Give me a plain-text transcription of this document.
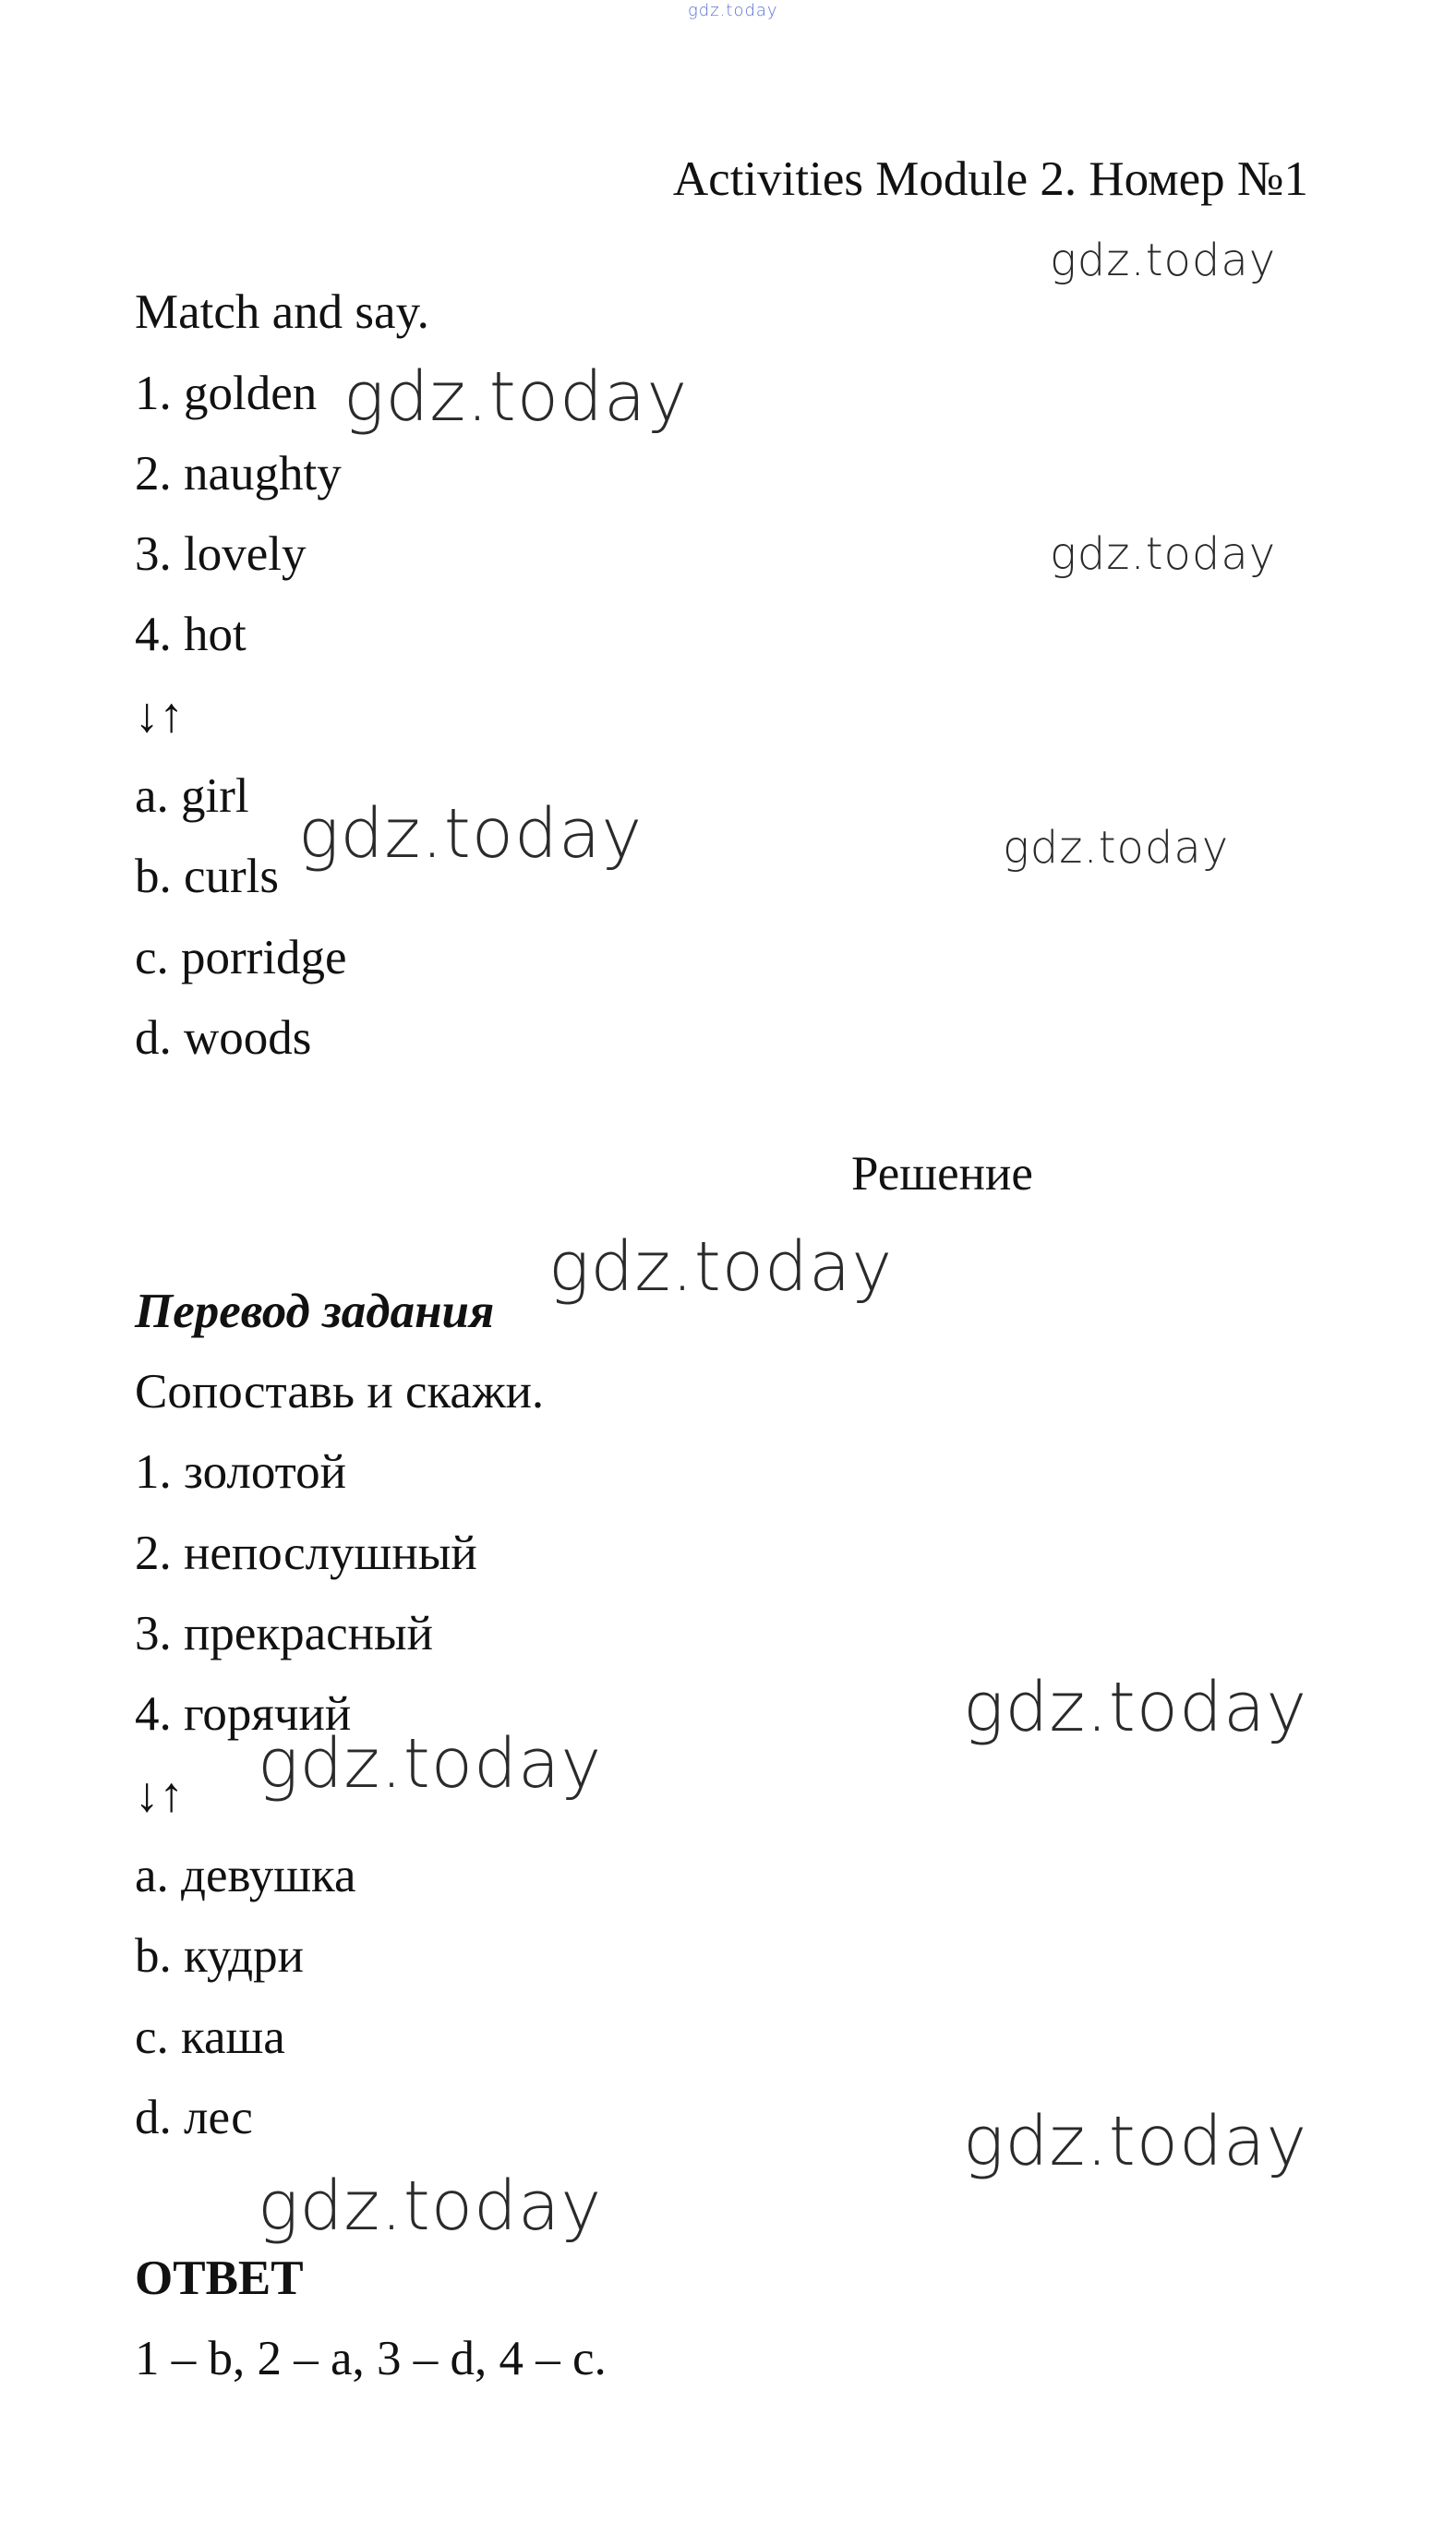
gdz.today
Activities Module 2. Номер №1
Match and say.
1. golden
2. naughty
3. lovely
4. hot
↓↑
a. girl
b. curls
c. porridge
d. woods
Решение
Перевод задания
Сопоставь и скажи.
1. золотой
2. непослушный
3. прекрасный
4. горячий
↓↑
a. девушка
b. кудри
c. каша
d. лес
ОТВЕТ
1 – b, 2 – a, 3 – d, 4 – c.
gdz.today
gdz.today
gdz.today
gdz.today	gdz.today
gdz.today
gdz.today
gdz.today
gdz.today
gdz.today
